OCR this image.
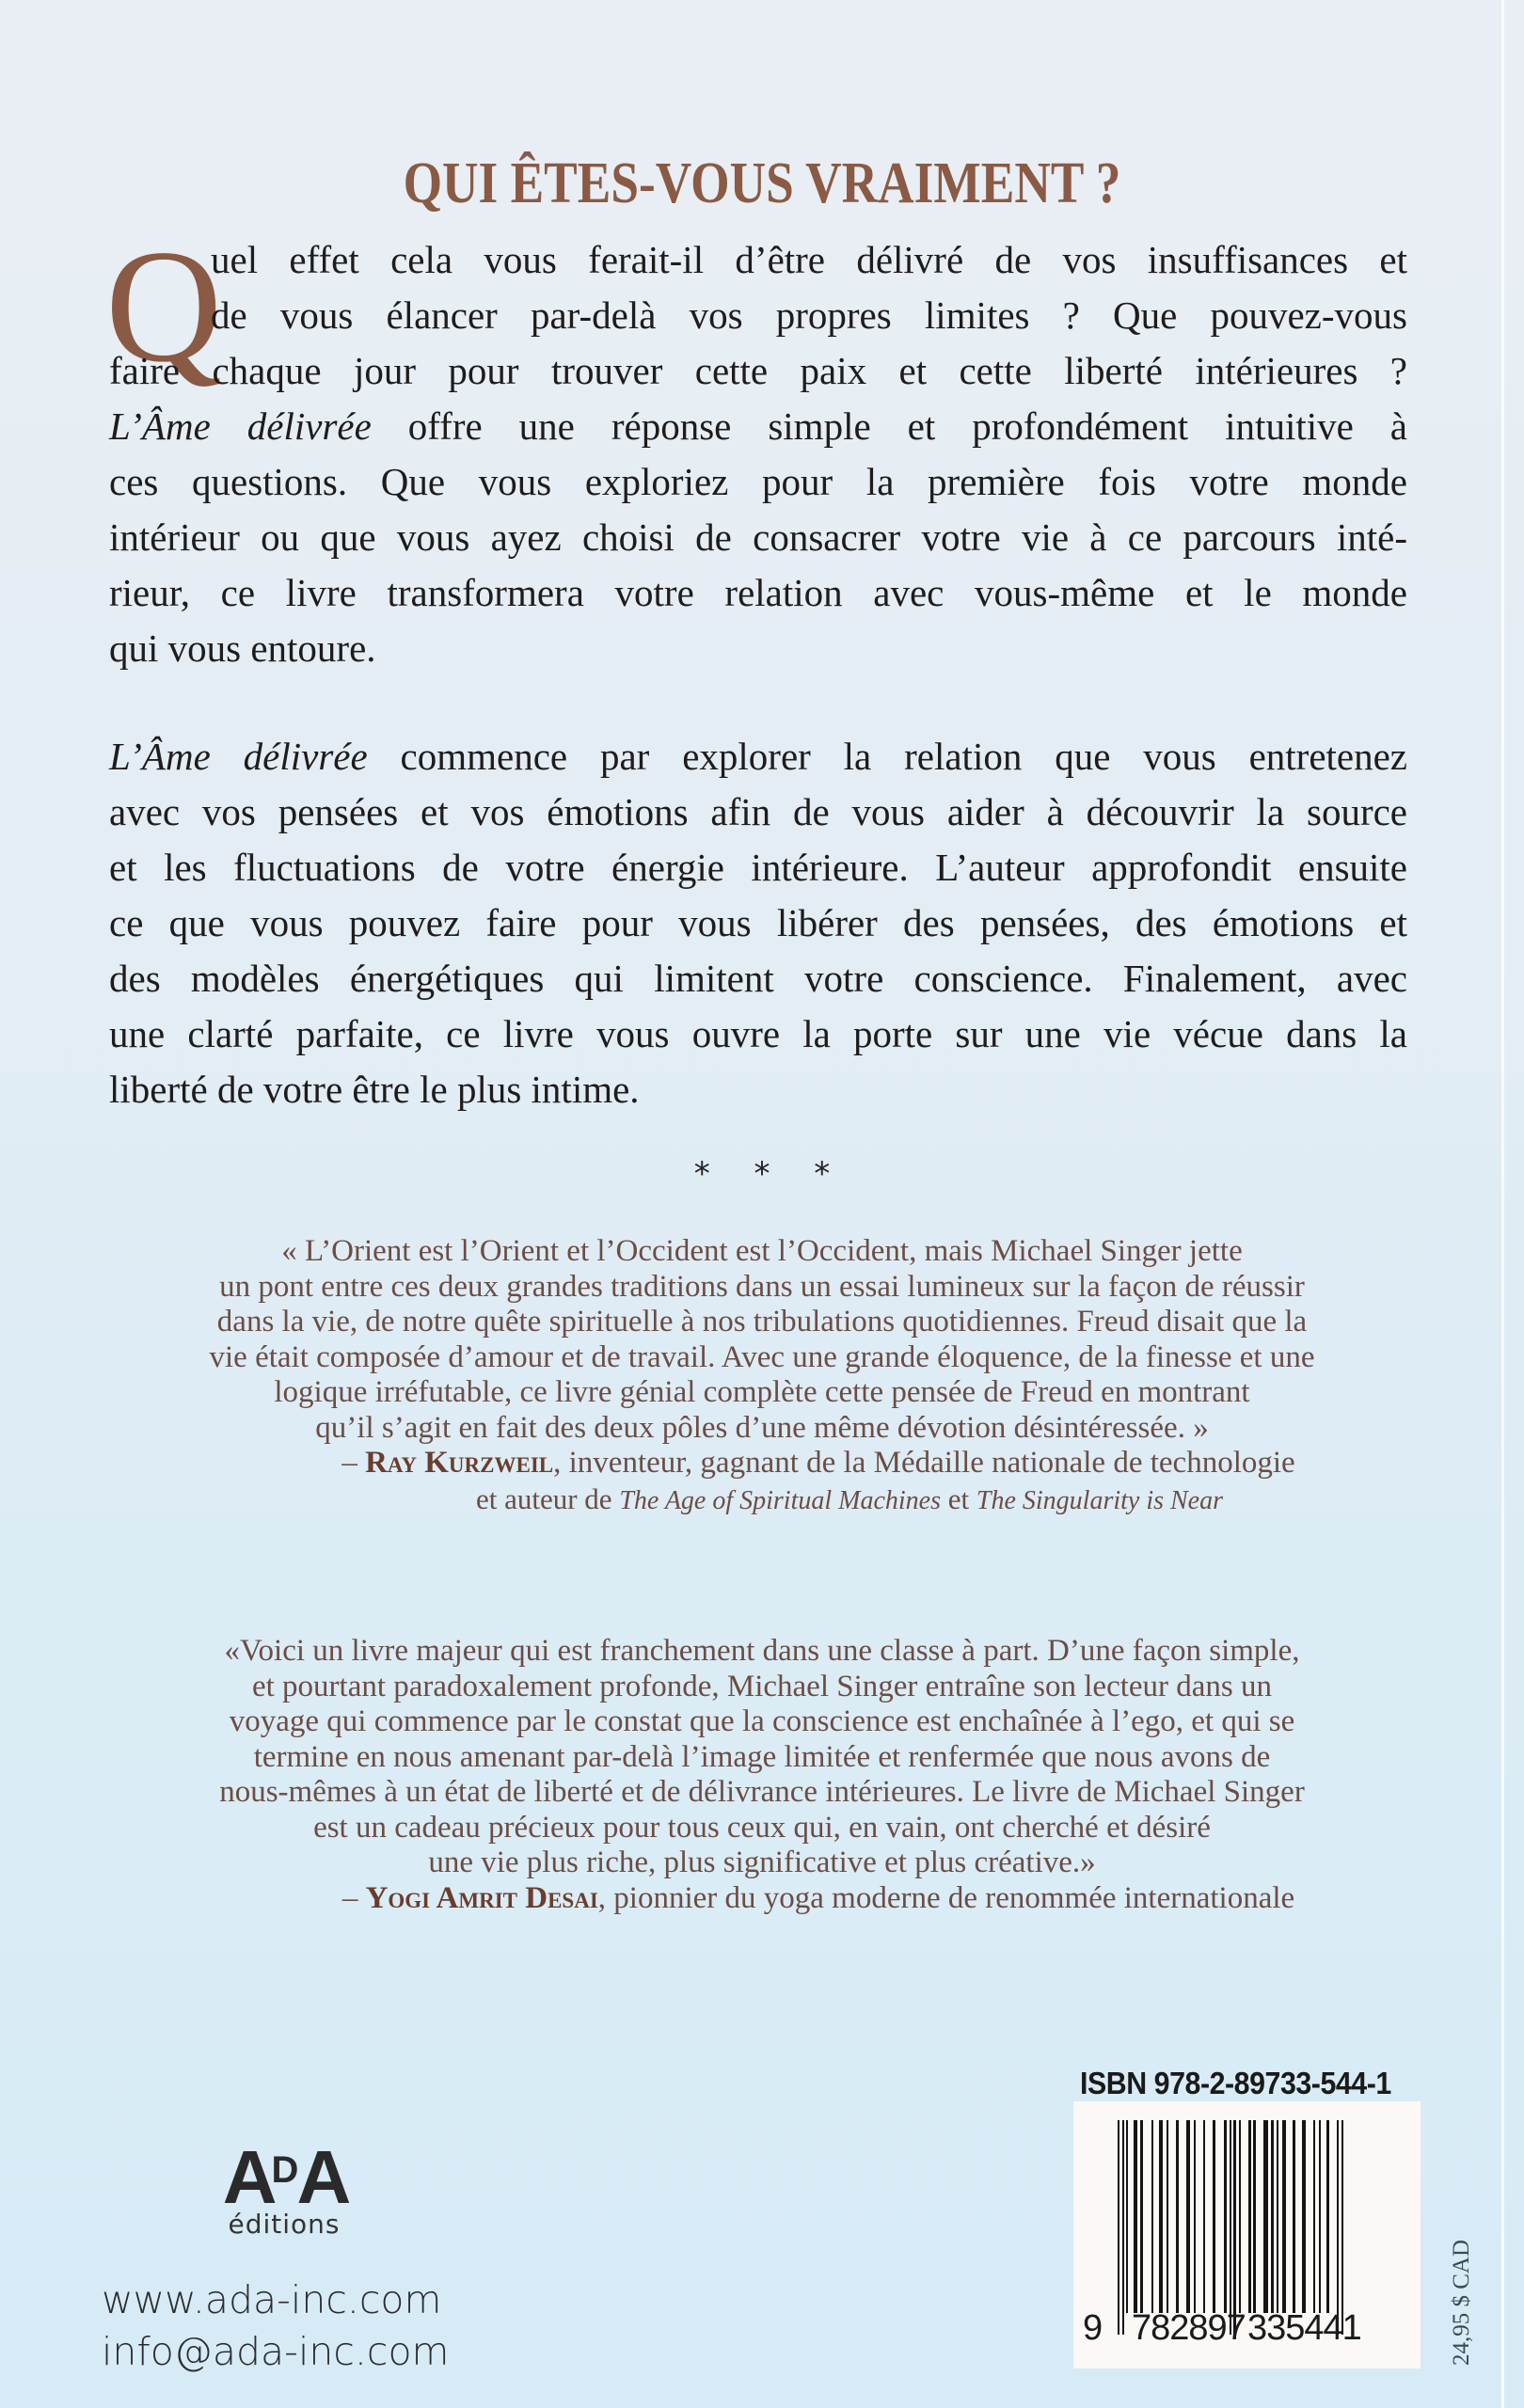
QUI ÊTES-VOUS VRAIMENT ?
Q
uel effet cela vous ferait-il d’être délivré de vos insuffisances et
de vous élancer par-delà vos propres limites ? Que pouvez-vous
faire chaque jour pour trouver cette paix et cette liberté intérieures ?
L’Âme délivrée offre une réponse simple et profondément intuitive à
ces questions. Que vous exploriez pour la première fois votre monde
intérieur ou que vous ayez choisi de consacrer votre vie à ce parcours inté-
rieur, ce livre transformera votre relation avec vous-même et le monde
qui vous entoure.
L’Âme délivrée commence par explorer la relation que vous entretenez
avec vos pensées et vos émotions afin de vous aider à découvrir la source
et les fluctuations de votre énergie intérieure. L’auteur approfondit ensuite
ce que vous pouvez faire pour vous libérer des pensées, des émotions et
des modèles énergétiques qui limitent votre conscience. Finalement, avec
une clarté parfaite, ce livre vous ouvre la porte sur une vie vécue dans la
liberté de votre être le plus intime.
* * *
« L’Orient est l’Orient et l’Occident est l’Occident, mais Michael Singer jette
un pont entre ces deux grandes traditions dans un essai lumineux sur la façon de réussir
dans la vie, de notre quête spirituelle à nos tribulations quotidiennes. Freud disait que la
vie était composée d’amour et de travail. Avec une grande éloquence, de la finesse et une
logique irréfutable, ce livre génial complète cette pensée de Freud en montrant
qu’il s’agit en fait des deux pôles d’une même dévotion désintéressée. »
– Ray Kurzweil, inventeur, gagnant de la Médaille nationale de technologie
et auteur de The Age of Spiritual Machines et The Singularity is Near
«Voici un livre majeur qui est franchement dans une classe à part. D’une façon simple,
et pourtant paradoxalement profonde, Michael Singer entraîne son lecteur dans un
voyage qui commence par le constat que la conscience est enchaînée à l’ego, et qui se
termine en nous amenant par-delà l’image limitée et renfermée que nous avons de
nous-mêmes à un état de liberté et de délivrance intérieures. Le livre de Michael Singer
est un cadeau précieux pour tous ceux qui, en vain, ont cherché et désiré
une vie plus riche, plus significative et plus créative.»
– Yogi Amrit Desai, pionnier du yoga moderne de renommée internationale
$A^DA$
éditions
www.ada-inc.com
info@ada-inc.com
ISBN 978-2-89733-544-1
9 782897 335441	24,95 $ CAD
